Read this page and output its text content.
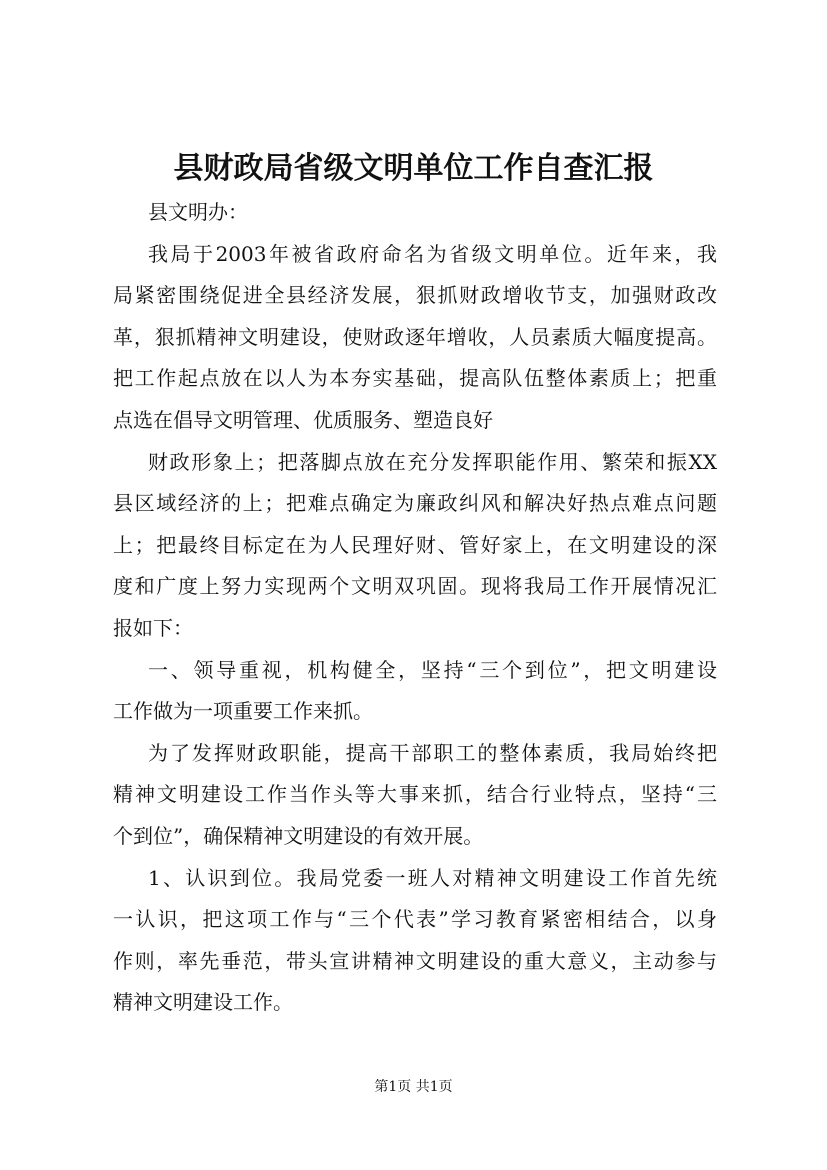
县财政局省级文明单位工作自查汇报
县文明办：
我局于2003年被省政府命名为省级文明单位。近年来，我
局紧密围绕促进全县经济发展，狠抓财政增收节支，加强财政改
革，狠抓精神文明建设，使财政逐年增收，人员素质大幅度提高。
把工作起点放在以人为本夯实基础，提高队伍整体素质上；把重
点选在倡导文明管理、优质服务、塑造良好
财政形象上；把落脚点放在充分发挥职能作用、繁荣和振XX
县区域经济的上；把难点确定为廉政纠风和解决好热点难点问题
上；把最终目标定在为人民理好财、管好家上，在文明建设的深
度和广度上努力实现两个文明双巩固。现将我局工作开展情况汇
报如下：
一、领导重视，机构健全，坚持“三个到位”，把文明建设
工作做为一项重要工作来抓。
为了发挥财政职能，提高干部职工的整体素质，我局始终把
精神文明建设工作当作头等大事来抓，结合行业特点，坚持“三
个到位”，确保精神文明建设的有效开展。
1、认识到位。我局党委一班人对精神文明建设工作首先统
一认识，把这项工作与“三个代表”学习教育紧密相结合，以身
作则，率先垂范，带头宣讲精神文明建设的重大意义，主动参与
精神文明建设工作。
第1页 共1页
